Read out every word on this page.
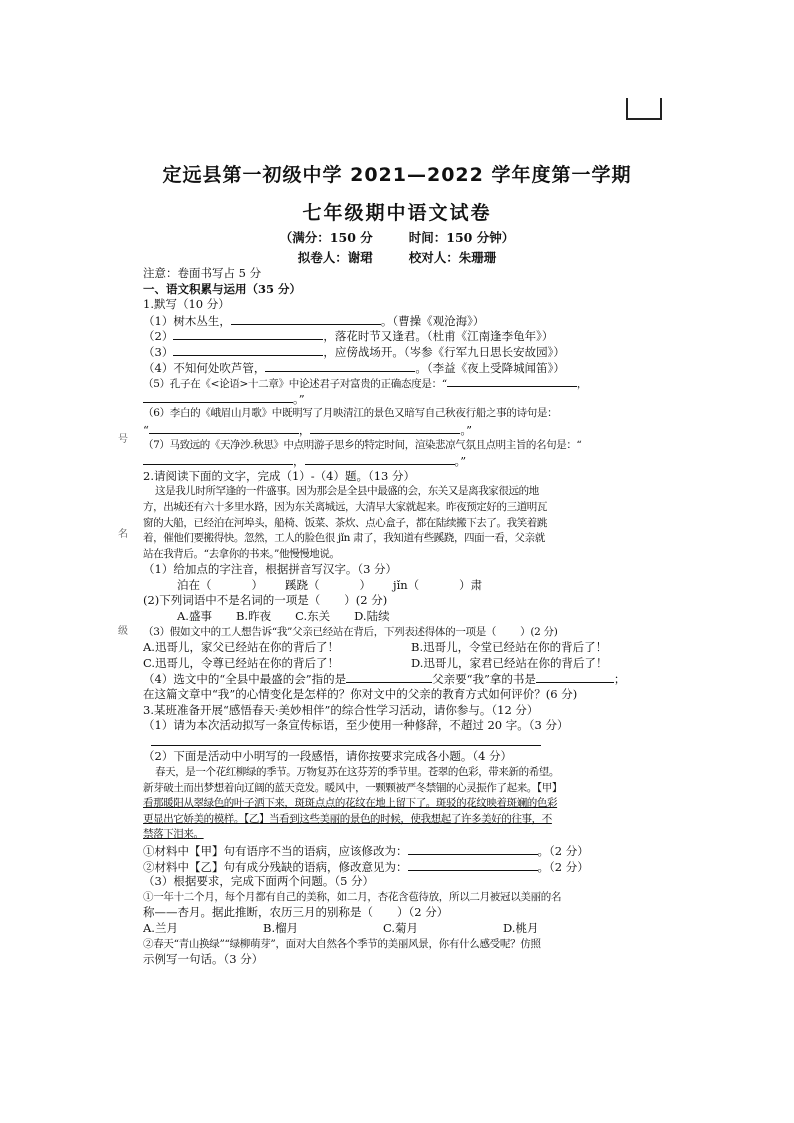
号
名
级
定远县第一初级中学 2021—2022 学年度第一学期
七年级期中语文试卷
（满分：150 分	时间：150 分钟）
拟卷人：谢珺	校对人：朱珊珊
注意：卷面书写占 5 分
一、语文积累与运用（35 分）
1.默写（10 分）
（1）树木丛生，	。（曹操《观沧海》）
（2）	，落花时节又逢君。（杜甫《江南逢李龟年》）
（3）	，应傍战场开。（岑参《行军九日思长安故园》）
（4）不知何处吹芦管，	。（李益《夜上受降城闻笛》）
（5）孔子在《<论语>十二章》中论述君子对富贵的正确态度是：“	，
。”
（6）李白的《峨眉山月歌》中既明写了月映清江的景色又暗写自己秋夜行船之事的诗句是：
“	，	。”
（7）马致远的《天净沙.秋思》中点明游子思乡的特定时间，渲染悲凉气氛且点明主旨的名句是：“
，	。”
2.请阅读下面的文字，完成（1）-（4）题。（13 分）
这是我儿时所罕逢的一件盛事。因为那会是全县中最盛的会，东关又是离我家很远的地
方，出城还有六十多里水路，因为东关离城远，大清早大家就起来。昨夜预定好的三道明瓦
窗的大船，已经泊在河埠头，船椅、饭菜、茶炊、点心盒子，都在陆续搬下去了。我笑着跳
着，催他们要搬得快。忽然，工人的脸色很 jǐn 肃了，我知道有些蹊跷，四面一看，父亲就
站在我背后。“去拿你的书来。”他慢慢地说。
（1）给加点的字注音，根据拼音写汉字。（3 分）
泊在（	） 蹊跷（	） jǐn（	）肃
(2)下列词语中不是名词的一项是（ ）(2 分)
A.盛事 B.昨夜 C.东关 D.陆续
（3）假如文中的工人想告诉“我”父亲已经站在背后，下列表述得体的一项是（ ）(2 分)
A.迅哥儿，家父已经站在你的背后了！	B.迅哥儿，令堂已经站在你的背后了！
C.迅哥儿，令尊已经站在你的背后了！	D.迅哥儿，家君已经站在你的背后了！
（4）选文中的“全县中最盛的会”指的是	父亲要“我”拿的书是	；
在这篇文章中“我”的心情变化是怎样的？你对文中的父亲的教育方式如何评价？(6 分)
3.某班准备开展“感悟春天·美妙相伴”的综合性学习活动，请你参与。（12 分）
（1）请为本次活动拟写一条宣传标语，至少使用一种修辞，不超过 20 字。（3 分）
（2）下面是活动中小明写的一段感悟，请你按要求完成各小题。（4 分）
春天，是一个花红柳绿的季节。万物复苏在这芬芳的季节里。苍翠的色彩，带来新的希望。
新芽破土而出梦想着向辽阔的蓝天竞发。暖风中，一颗颗被严冬禁锢的心灵振作了起来。【甲】
看那暖阳从翠绿色的叶子洒下来，斑斑点点的花纹在地上留下了。斑驳的花纹映着斑斓的色彩
更显出它娇美的模样。【乙】当看到这些美丽的景色的时候，使我想起了许多美好的往事，不
禁落下泪来。
①材料中【甲】句有语序不当的语病，应该修改为：	。（2 分）
②材料中【乙】句有成分残缺的语病，修改意见为：	。（2 分）
（3）根据要求，完成下面两个问题。（5 分）
①一年十二个月，每个月都有自己的美称，如二月，杏花含苞待放，所以二月被冠以美丽的名
称——杏月。据此推断，农历三月的别称是（ ）（2 分）
A.兰月	B.榴月	C.菊月	D.桃月
②春天“青山换绿”“绿柳萌芽”，面对大自然各个季节的美丽风景，你有什么感受呢？仿照
示例写一句话。（3 分）
